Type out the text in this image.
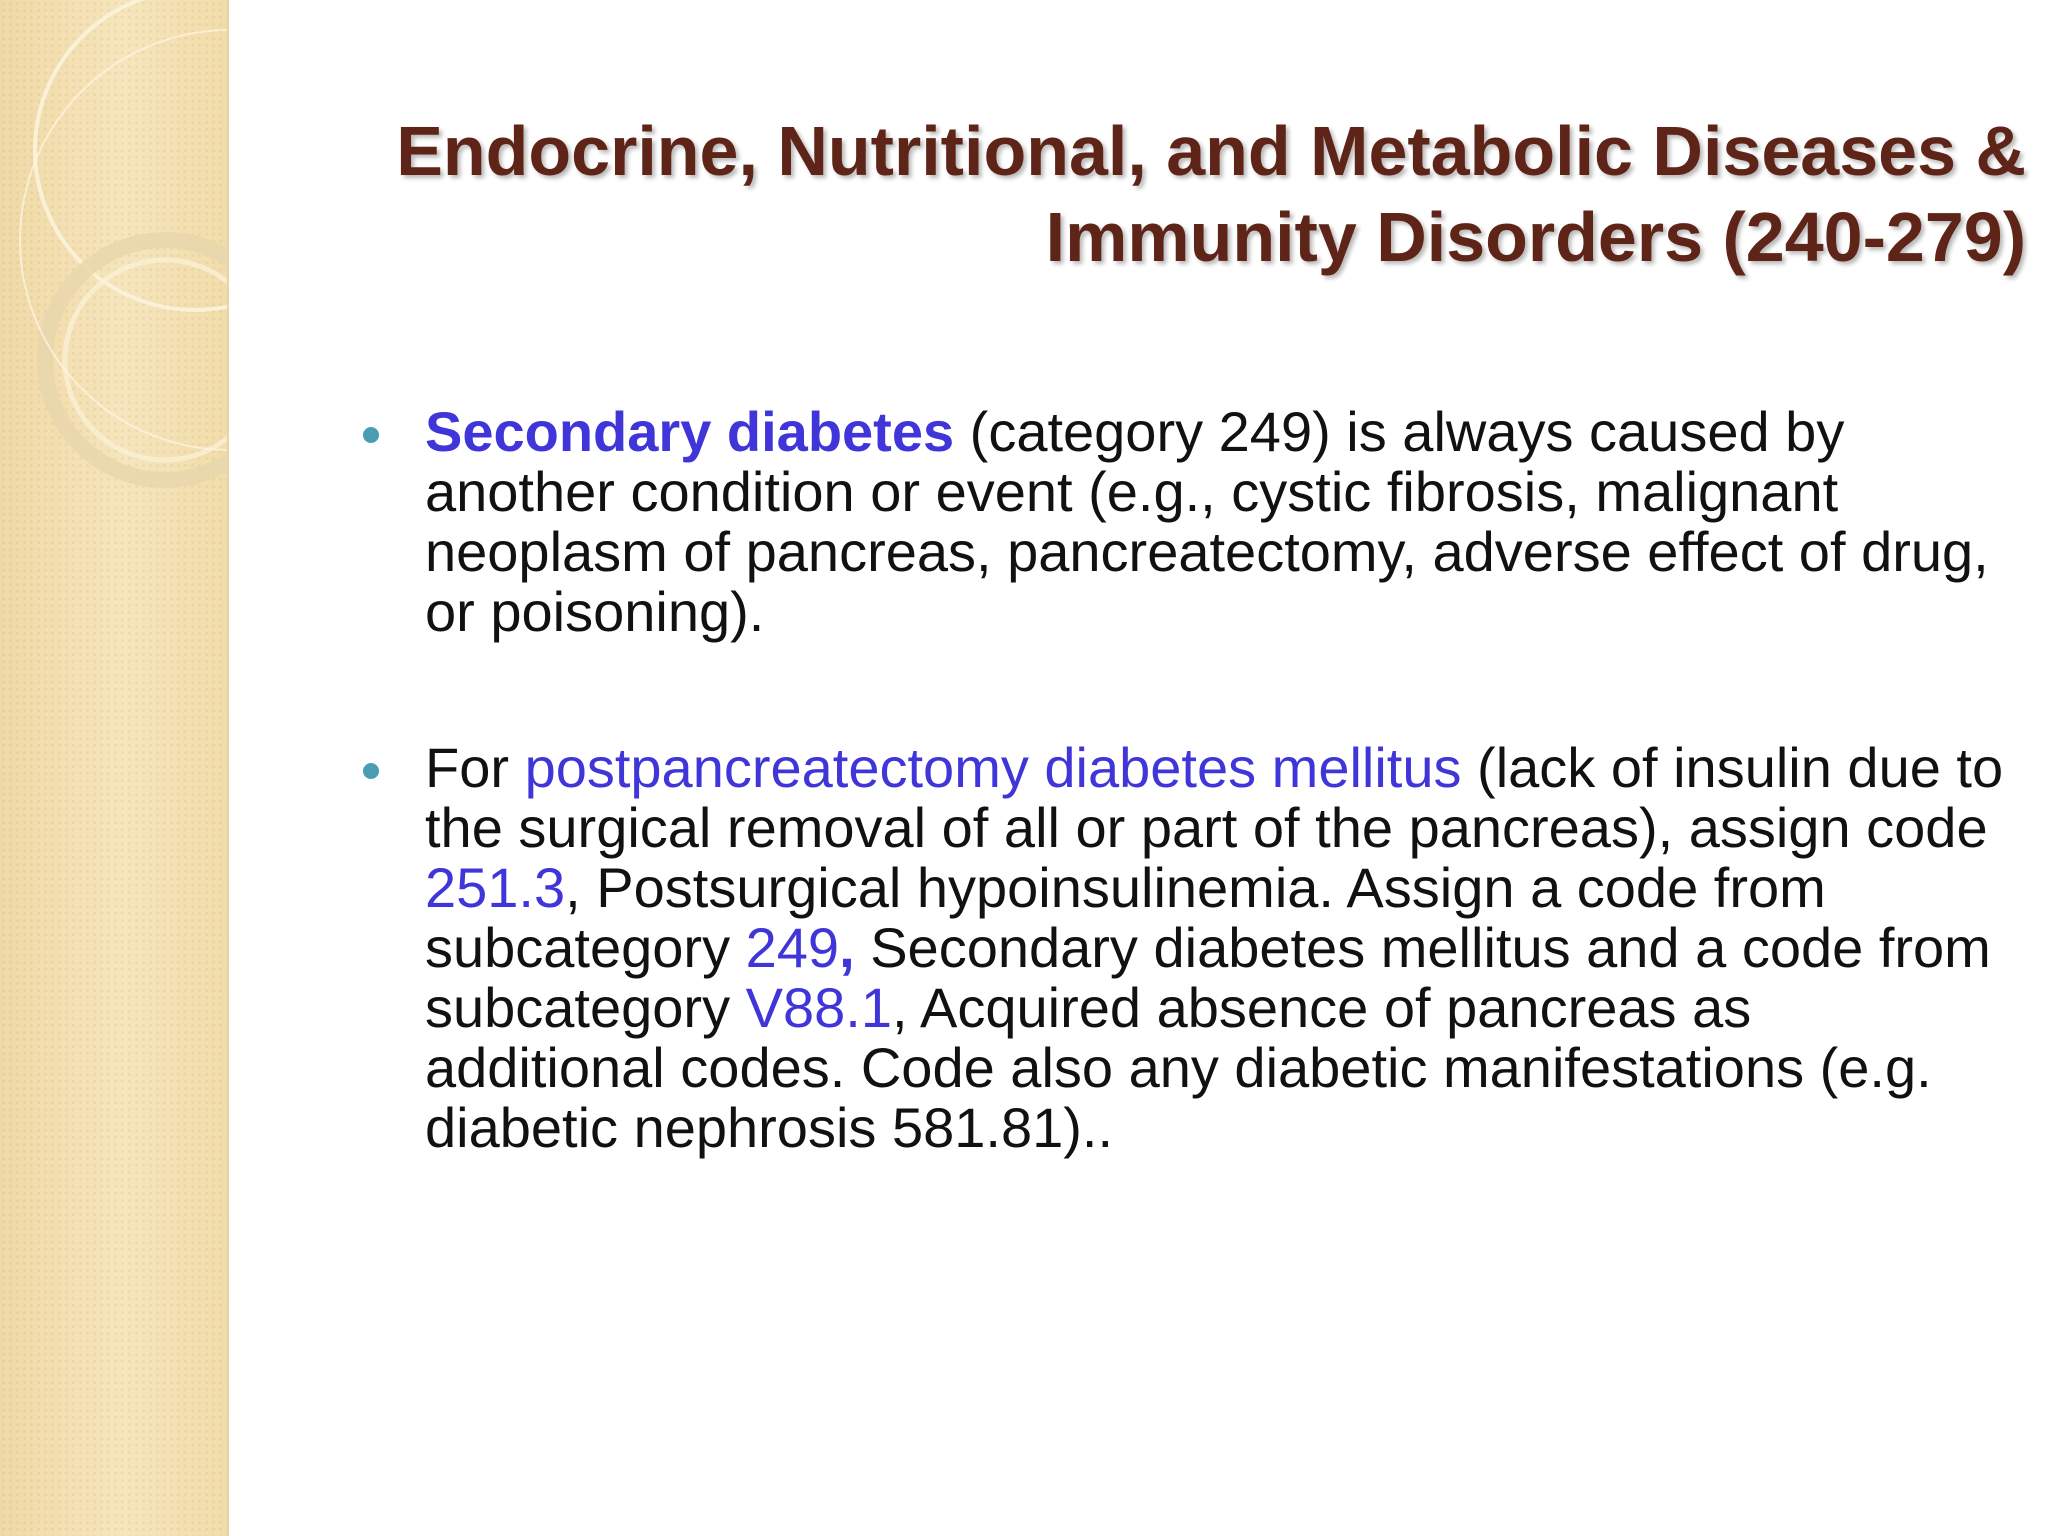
Endocrine, Nutritional, and Metabolic Diseases &
Immunity Disorders (240-279)
Secondary diabetes (category 249) is always caused by another condition or event (e.g., cystic fibrosis, malignant neoplasm of pancreas, pancreatectomy, adverse effect of drug, or poisoning).
For postpancreatectomy diabetes mellitus (lack of insulin due to the surgical removal of all or part of the pancreas), assign code 251.3, Postsurgical hypoinsulinemia. Assign a code from subcategory 249, Secondary diabetes mellitus and a code from subcategory V88.1, Acquired absence of pancreas as additional codes. Code also any diabetic manifestations (e.g. diabetic nephrosis 581.81)..
